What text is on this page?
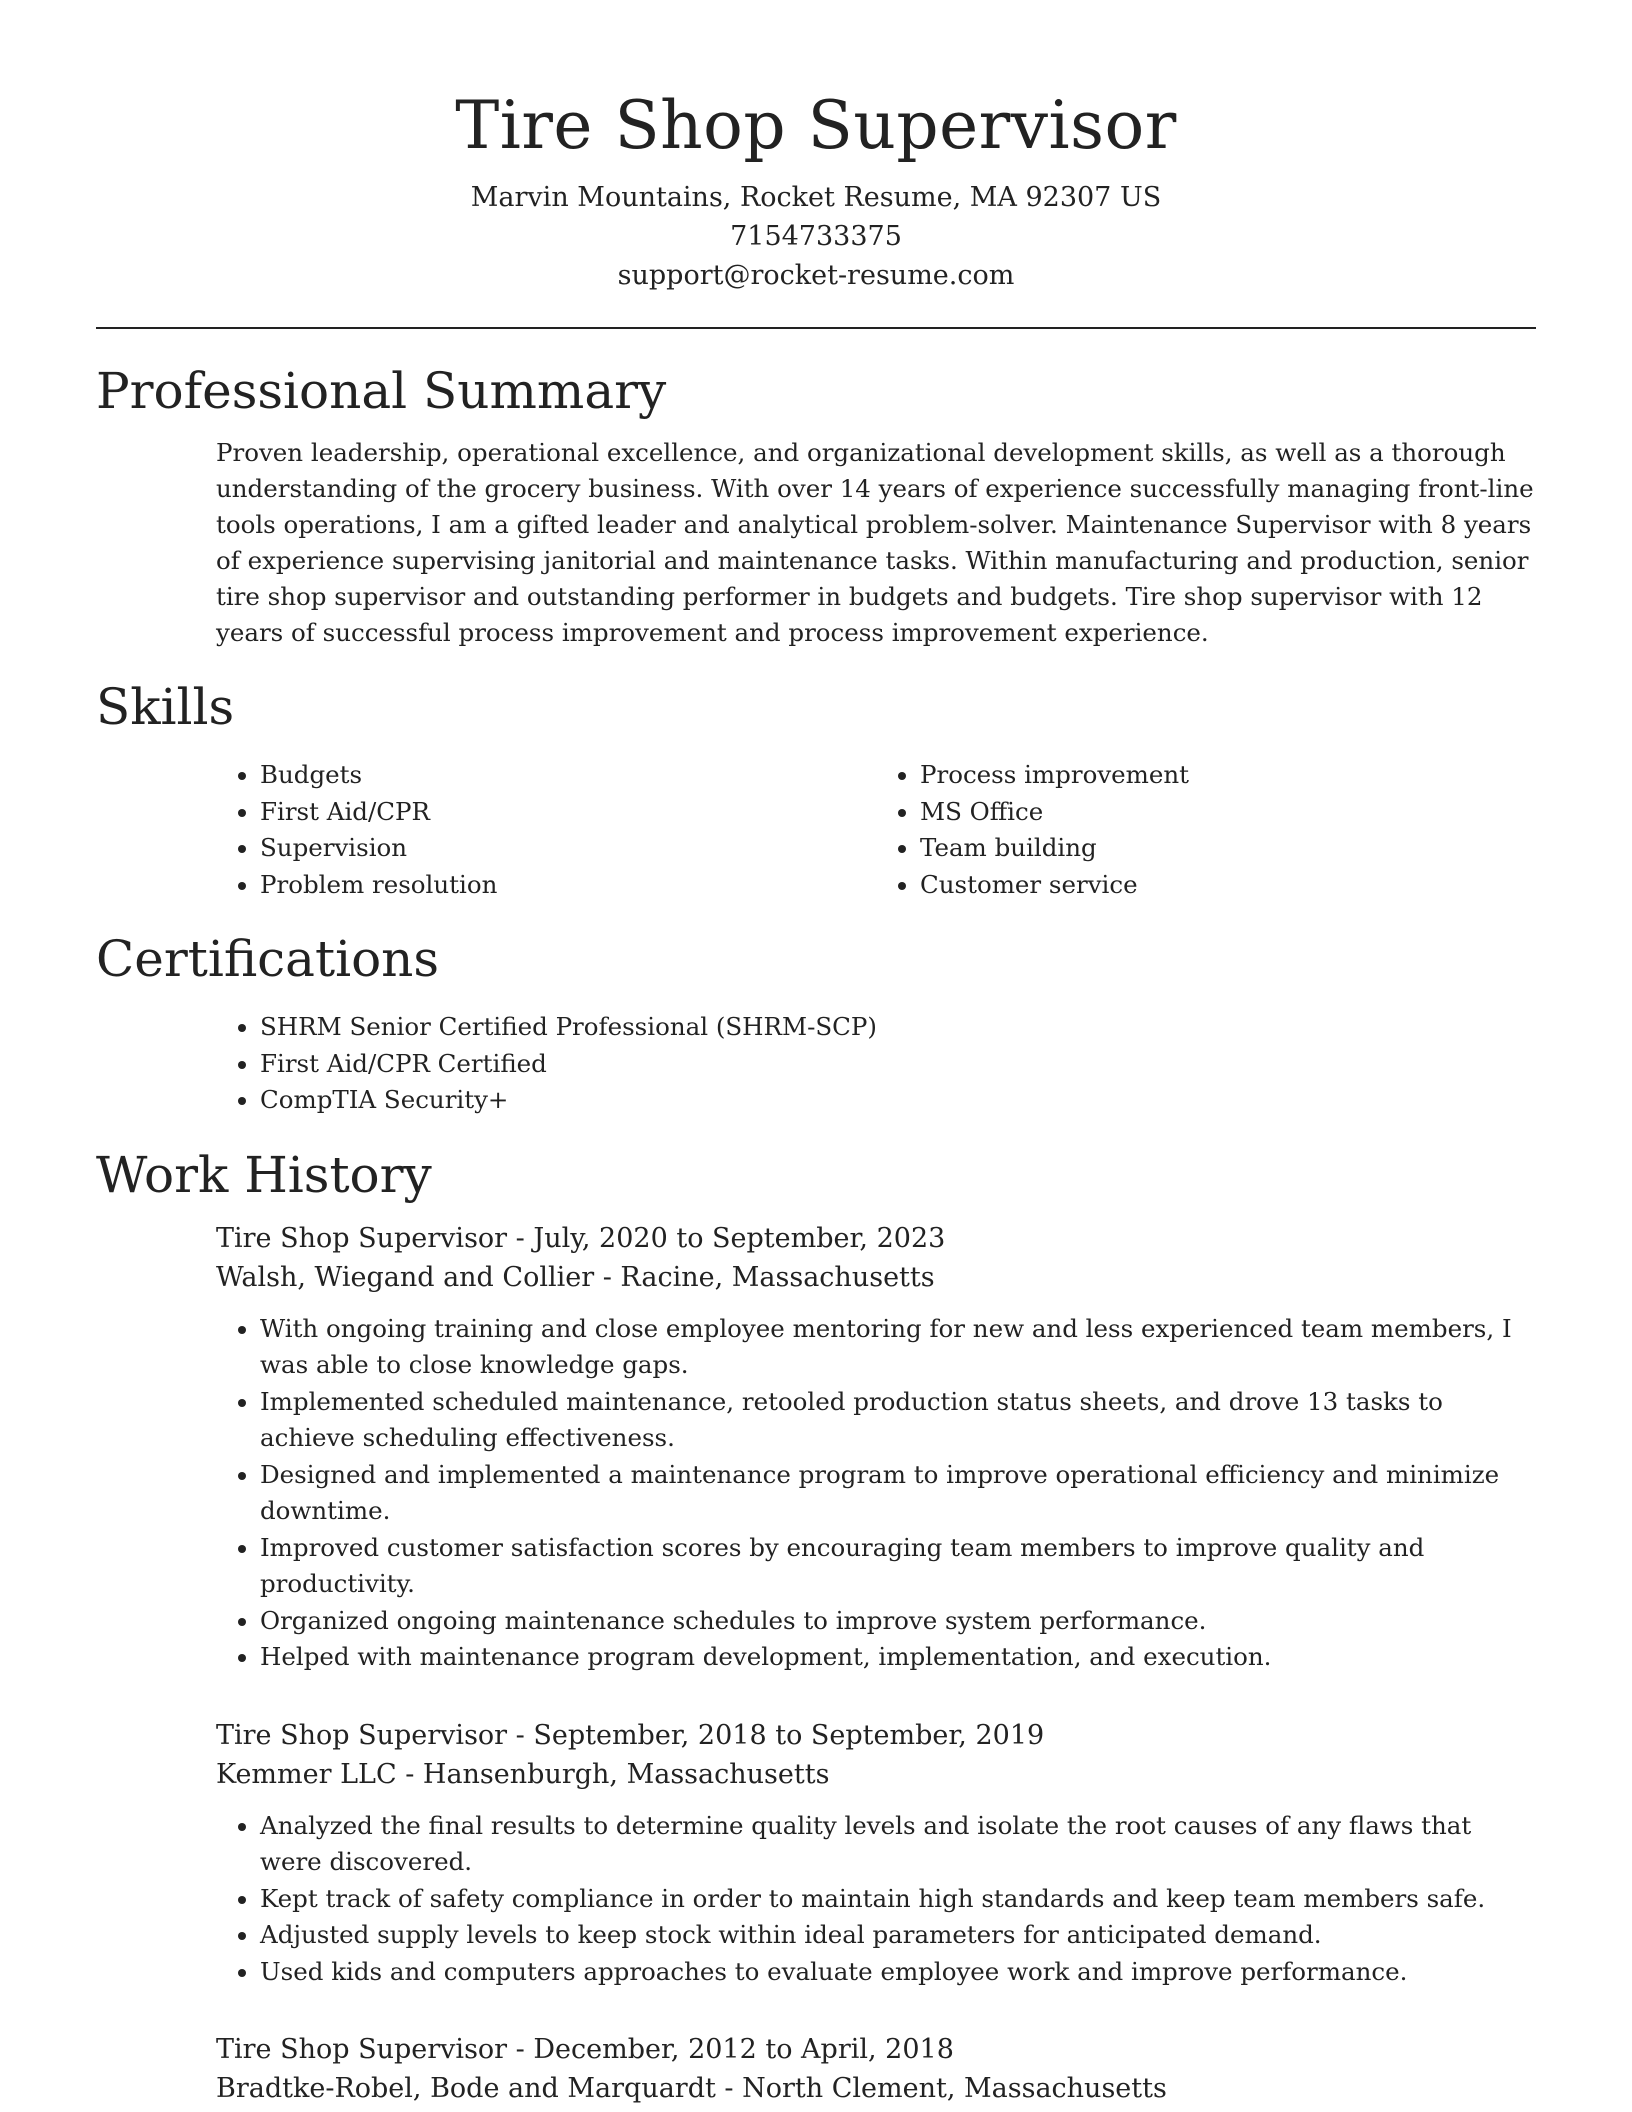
Tire Shop Supervisor

Marvin Mountains, Rocket Resume, MA 92307 US

7154733375

support@rocket-resume.com

Professional Summary

Proven leadership, operational excellence, and organizational development skills, as well as a thorough understanding of the grocery business. With over 14 years of experience successfully managing front-line tools operations, I am a gifted leader and analytical problem-solver. Maintenance Supervisor with 8 years of experience supervising janitorial and maintenance tasks. Within manufacturing and production, senior tire shop supervisor and outstanding performer in budgets and budgets. Tire shop supervisor with 12 years of successful process improvement and process improvement experience.

Skills
• Budgets
• First Aid/CPR
• Supervision
• Problem resolution
• Process improvement
• MS Office
• Team building
• Customer service
Certifications
• SHRM Senior Certified Professional (SHRM-SCP)
• First Aid/CPR Certified
• CompTIA Security+
Work History

Tire Shop Supervisor - July, 2020 to September, 2023

Walsh, Wiegand and Collier - Racine, Massachusetts

• With ongoing training and close employee mentoring for new and less experienced team members, I was able to close knowledge gaps.
• Implemented scheduled maintenance, retooled production status sheets, and drove 13 tasks to achieve scheduling effectiveness.
• Designed and implemented a maintenance program to improve operational efficiency and minimize downtime.
• Improved customer satisfaction scores by encouraging team members to improve quality and productivity.
• Organized ongoing maintenance schedules to improve system performance.
• Helped with maintenance program development, implementation, and execution.

Tire Shop Supervisor - September, 2018 to September, 2019

Kemmer LLC - Hansenburgh, Massachusetts

• Analyzed the final results to determine quality levels and isolate the root causes of any flaws that were discovered.
• Kept track of safety compliance in order to maintain high standards and keep team members safe.
• Adjusted supply levels to keep stock within ideal parameters for anticipated demand.
• Used kids and computers approaches to evaluate employee work and improve performance.

Tire Shop Supervisor - December, 2012 to April, 2018

Bradtke-Robel, Bode and Marquardt - North Clement, Massachusetts
